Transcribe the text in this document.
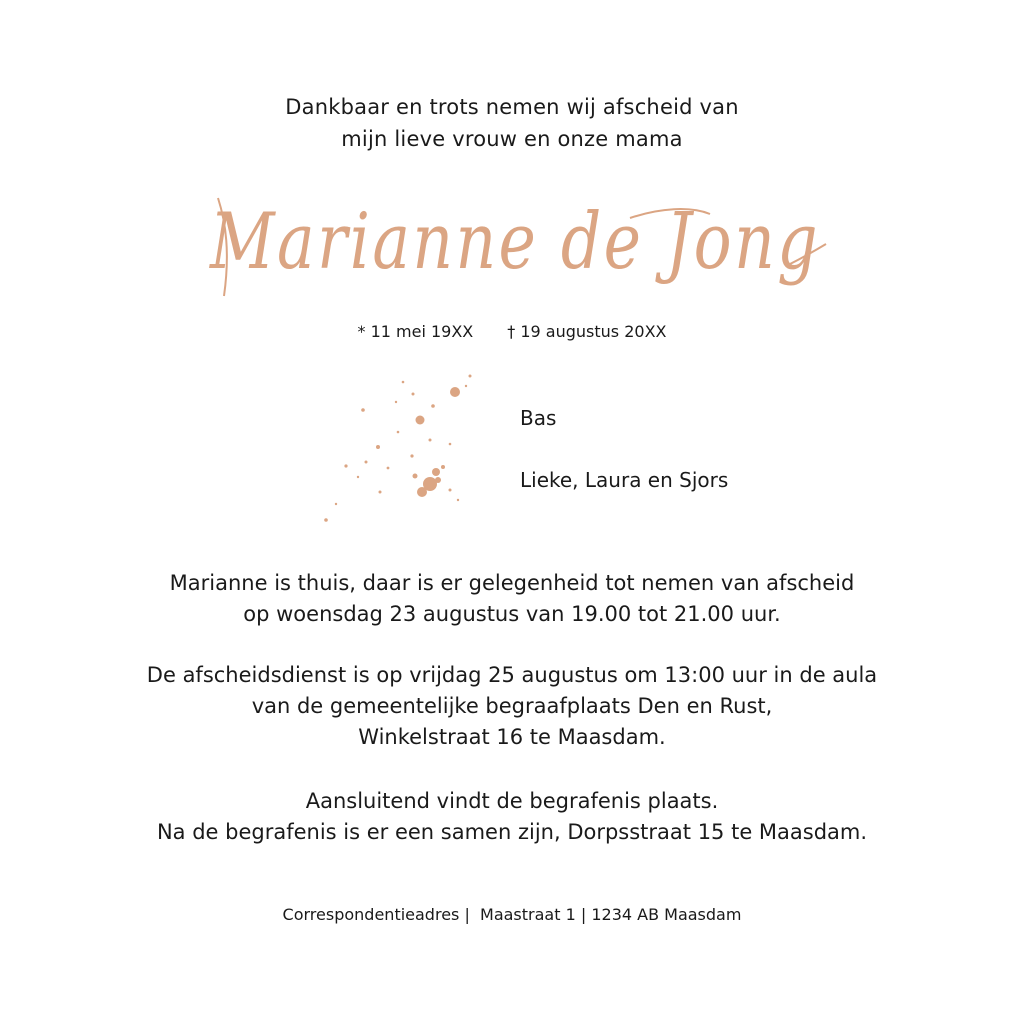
Dankbaar en trots nemen wij afscheid van
mijn lieve vrouw en onze mama
Marianne de Jong
* 11 mei 19XX † 19 augustus 20XX
Bas
Lieke, Laura en Sjors
Marianne is thuis, daar is er gelegenheid tot nemen van afscheid
op woensdag 23 augustus van 19.00 tot 21.00 uur.
De afscheidsdienst is op vrijdag 25 augustus om 13:00 uur in de aula
van de gemeentelijke begraafplaats Den en Rust,
Winkelstraat 16 te Maasdam.
Aansluitend vindt de begrafenis plaats.
Na de begrafenis is er een samen zijn, Dorpsstraat 15 te Maasdam.
Correspondentieadres |  Maastraat 1 | 1234 AB Maasdam
